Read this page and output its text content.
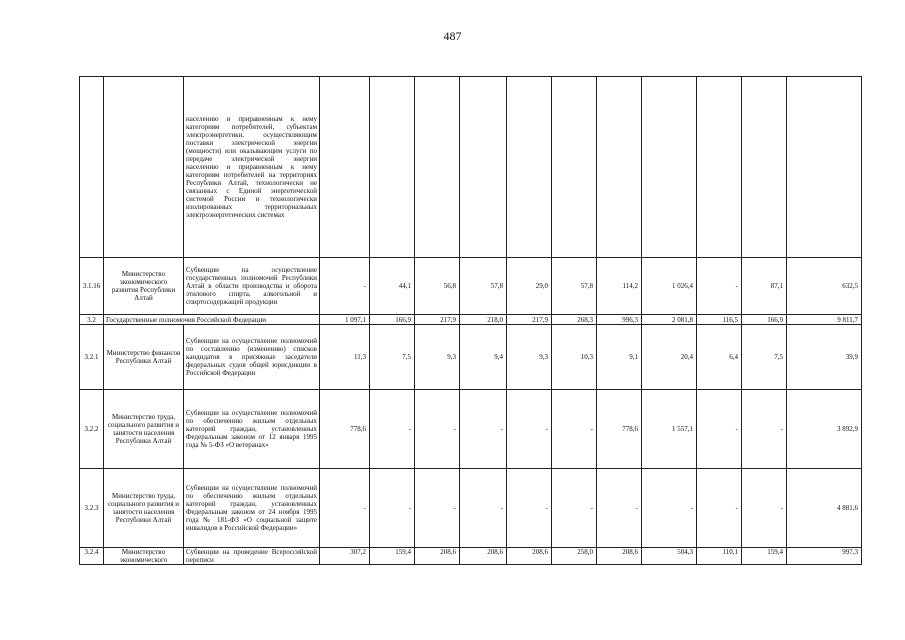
487
		населению и приравненным к нему категориям потребителей, субъектам электроэнергетики, осуществляющим поставки электрической энергии (мощности) или оказывающим услуги по передаче электрической энергии населению и приравненным к нему категориям потребителей на территориях Республики Алтай, технологически не связанных с Единой энергетической системой России и технологически изолированных территориальных электроэнергетических системах											
3.1.16	Министерство экономического развития Республики Алтай	Субвенции на осуществление государственных полномочий Республики Алтай в области производства и оборота этилового спирта, алкогольной и спиртосодержащей продукции	-	44,1	56,8	57,8	29,0	57,8	114,2	1 026,4	-	87,1	632,5
3.2	Государственные полномочия Российской Федерации		1 097,1	166,9	217,9	218,0	217,9	268,3	996,3	2 081,8	116,5	166,9	9 811,7
3.2.1	Министерство финансов Республики Алтай	Субвенции на осуществление полномочий по составлению (изменению) списков кандидатов в присяжные заседатели федеральных судов общей юрисдикции в Российской Федерации	11,3	7,5	9,3	9,4	9,3	10,3	9,1	20,4	6,4	7,5	39,9
3.2.2	Министерство труда, социального развития и занятости населения Республики Алтай	Субвенции на осуществление полномочий по обеспечению жильем отдельных категорий граждан, установленных Федеральным законом от 12 января 1995 года № 5-ФЗ «О ветеранах»	778,6	-	-	-	-	-	778,6	1 557,1	-	-	3 892,9
3.2.3	Министерство труда, социального развития и занятости населения Республики Алтай	Субвенции на осуществление полномочий по обеспечению жильем отдельных категорий граждан, установленных Федеральным законом от 24 ноября 1995 года № 181-ФЗ «О социальной защите инвалидов в Российской Федерации»	-	-	-	-	-	-	-	-	-	-	4 881,6
3.2.4	Министерство экономического	Субвенции на проведение Всероссийской переписи	307,2	159,4	208,6	208,6	208,6	258,0	208,6	504,3	110,1	159,4	997,3
